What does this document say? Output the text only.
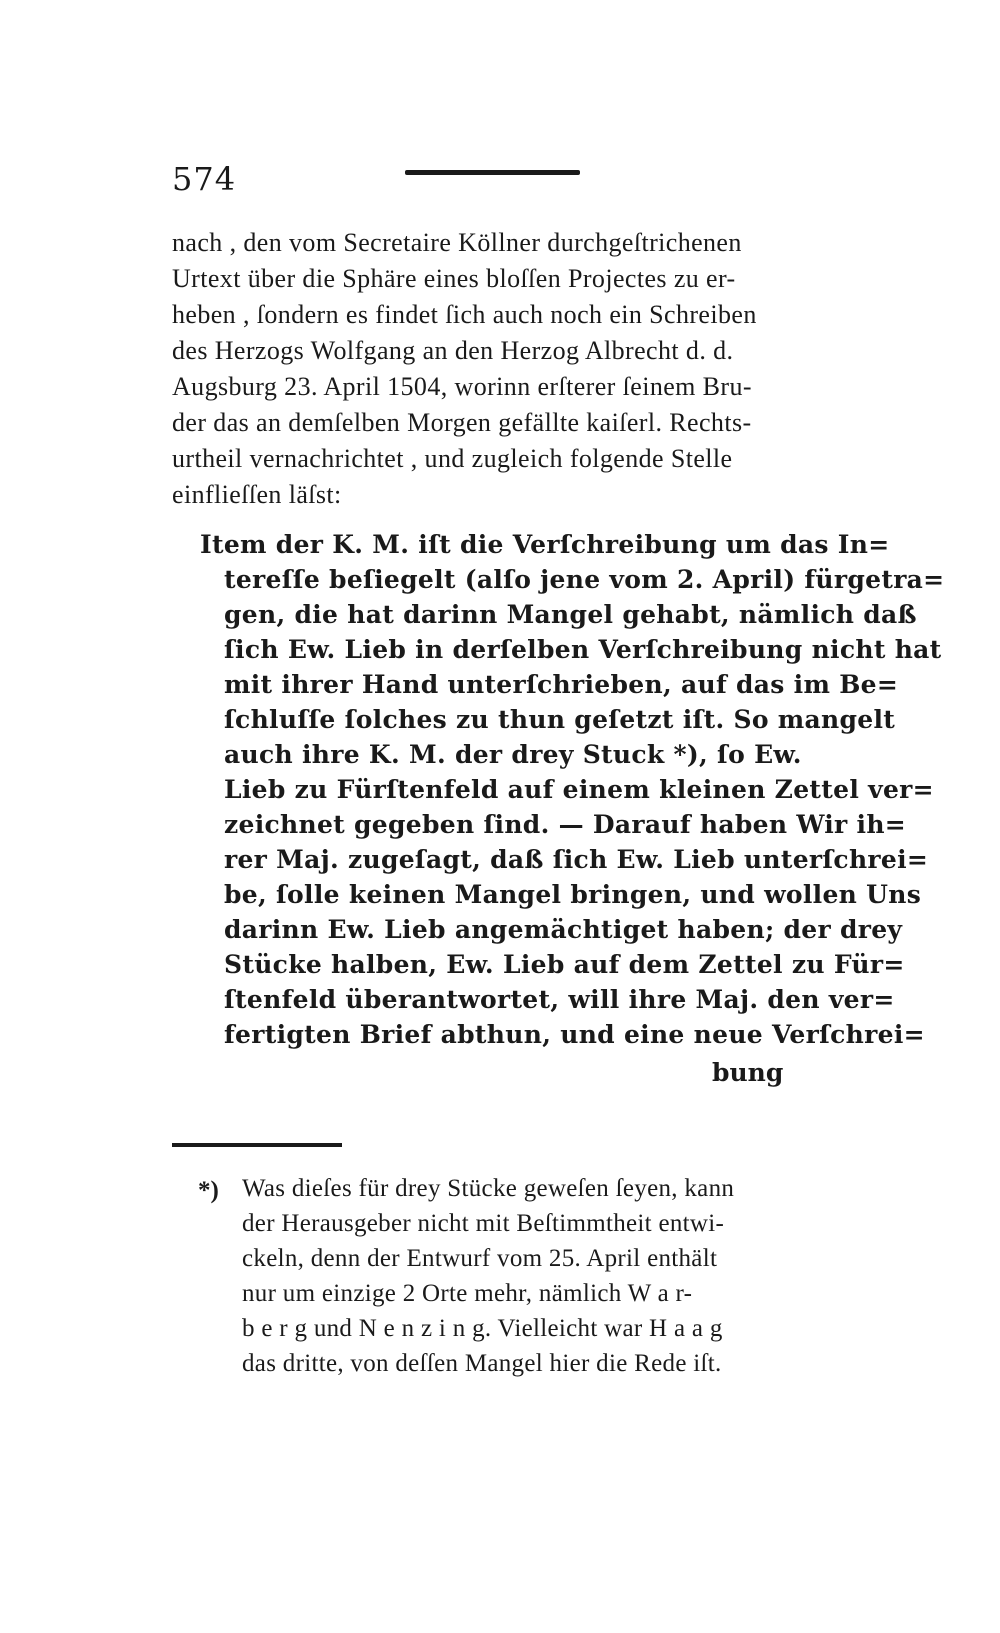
574

nach , den vom Secretaire Köllner durchgeſtrichenen

Urtext über die Sphäre eines bloſſen Projectes zu er-

heben , ſondern es findet ſich auch noch ein Schreiben

des Herzogs Wolfgang an den Herzog Albrecht d. d.

Augsburg 23. April 1504, worinn erſterer ſeinem Bru-

der das an demſelben Morgen gefällte kaiſerl. Rechts-

urtheil vernachrichtet , und zugleich folgende Stelle

einflieſſen läſst:

Item der K. M. iſt die Verſchreibung um das In=

tereſſe beſiegelt (alſo jene vom 2. April) fürgetra=

gen, die hat darinn Mangel gehabt, nämlich daß

ſich Ew. Lieb in derſelben Verſchreibung nicht hat

mit ihrer Hand unterſchrieben, auf das im Be=

ſchluſſe ſolches zu thun geſetzt iſt. So mangelt

auch ihre K. M. der drey Stuck *), ſo Ew.

Lieb zu Fürſtenfeld auf einem kleinen Zettel ver=

zeichnet gegeben ſind. — Darauf haben Wir ih=

rer Maj. zugeſagt, daß ſich Ew. Lieb unterſchrei=

be, ſolle keinen Mangel bringen, und wollen Uns

darinn Ew. Lieb angemächtiget haben; der drey

Stücke halben, Ew. Lieb auf dem Zettel zu Für=

ſtenfeld überantwortet, will ihre Maj. den ver=

fertigten Brief abthun, und eine neue Verſchrei=

bung

*) Was dieſes für drey Stücke geweſen ſeyen, kann

der Herausgeber nicht mit Beſtimmtheit entwi-

ckeln, denn der Entwurf vom 25. April enthält

nur um einzige 2 Orte mehr, nämlich W a r-

b e r g und N e n z i n g. Vielleicht war H a a g

das dritte, von deſſen Mangel hier die Rede iſt.
